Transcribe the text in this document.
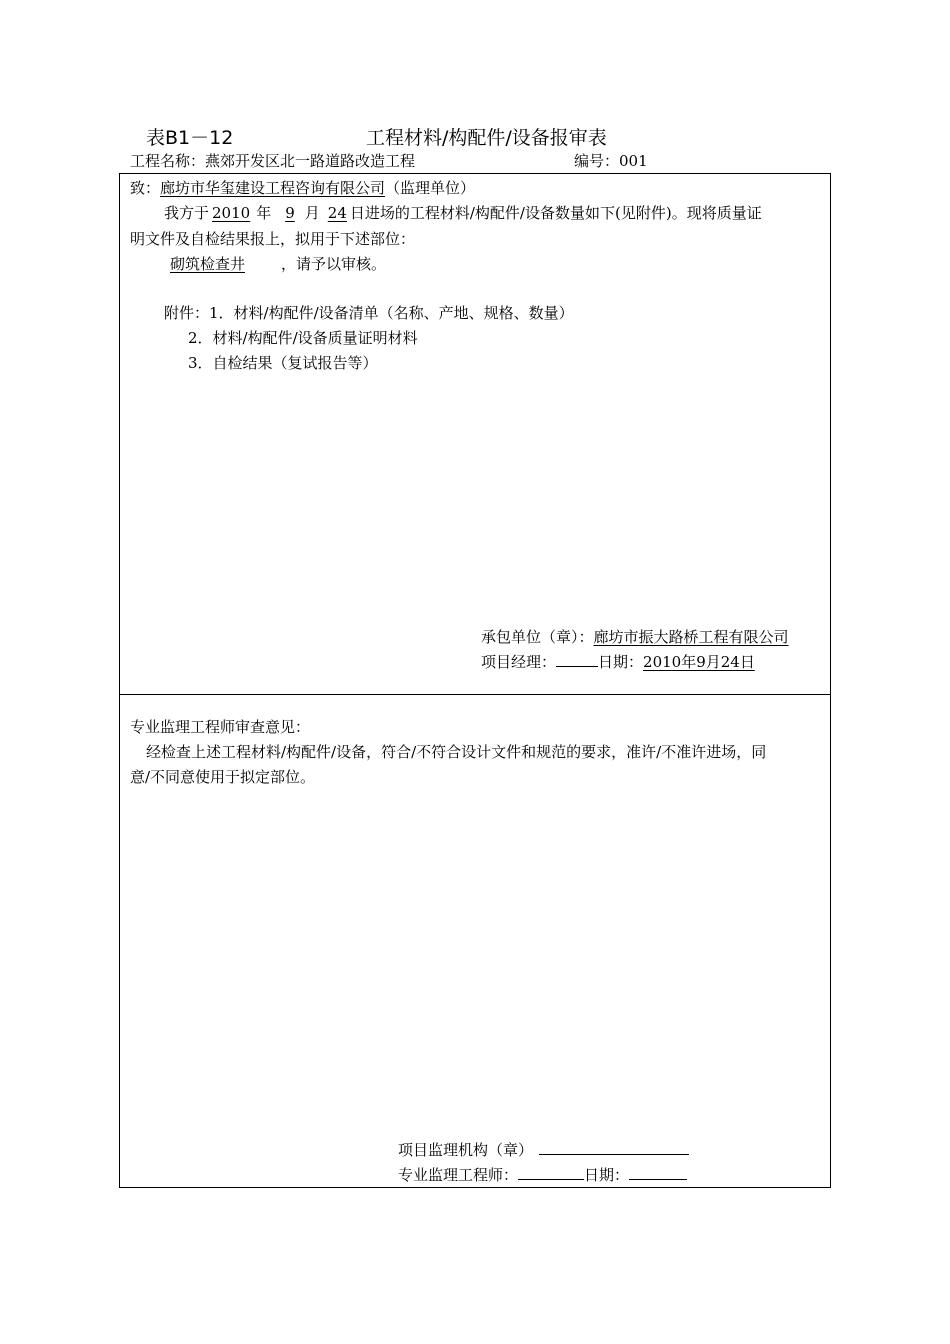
表B1－12	工程材料/构配件/设备报审表
工程名称：燕郊开发区北一路道路改造工程	编号：001
致：廊坊市华玺建设工程咨询有限公司（监理单位）
我方于 2010 年 9 月 24 日进场的工程材料/构配件/设备数量如下(见附件)。现将质量证
明文件及自检结果报上，拟用于下述部位：
砌筑检查井 ，请予以审核。
附件：1．材料/构配件/设备清单（名称、产地、规格、数量）
2．材料/构配件/设备质量证明材料
3．自检结果（复试报告等）
承包单位（章）：廊坊市振大路桥工程有限公司
项目经理：	日期：2010年9月24日
专业监理工程师审查意见：
经检查上述工程材料/构配件/设备，符合/不符合设计文件和规范的要求，准许/不准许进场，同
意/不同意使用于拟定部位。
项目监理机构（章）
专业监理工程师：	日期：
